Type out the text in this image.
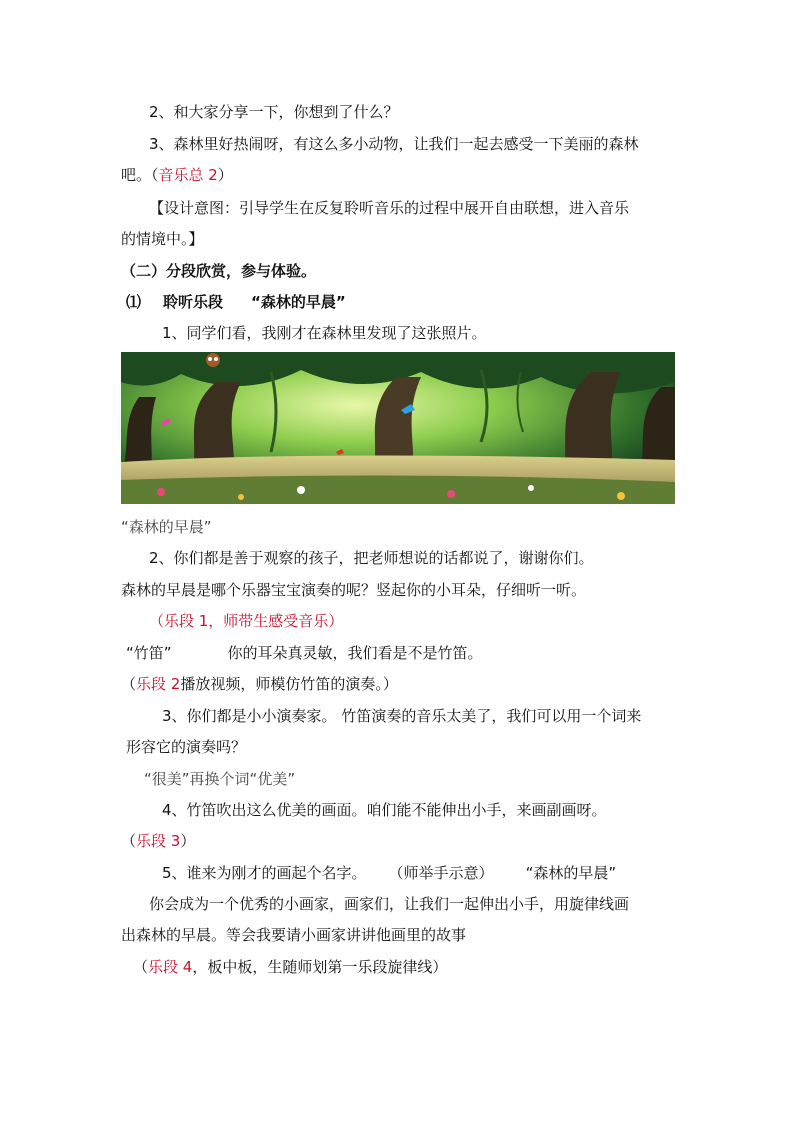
2、和大家分享一下，你想到了什么？
3、森林里好热闹呀，有这么多小动物，让我们一起去感受一下美丽的森林
吧。（音乐总 2）
【设计意图：引导学生在反复聆听音乐的过程中展开自由联想，进入音乐
的情境中。】
（二）分段欣赏，参与体验。
⑴ 聆听乐段 “森林的早晨”
1、同学们看，我刚才在森林里发现了这张照片。
“森林的早晨”
2、你们都是善于观察的孩子，把老师想说的话都说了，谢谢你们。
森林的早晨是哪个乐器宝宝演奏的呢？竖起你的小耳朵，仔细听一听。
（乐段 1，师带生感受音乐）
“竹笛”	你的耳朵真灵敏，我们看是不是竹笛。
（乐段 2播放视频，师模仿竹笛的演奏。）
3、你们都是小小演奏家。 竹笛演奏的音乐太美了，我们可以用一个词来
形容它的演奏吗？
“很美”再换个词“优美”
4、竹笛吹出这么优美的画面。咱们能不能伸出小手，来画副画呀。
（乐段 3）
5、谁来为刚才的画起个名字。 （师举手示意） “森林的早晨”
你会成为一个优秀的小画家，画家们，让我们一起伸出小手，用旋律线画
出森林的早晨。等会我要请小画家讲讲他画里的故事
（乐段 4，板中板，生随师划第一乐段旋律线）
